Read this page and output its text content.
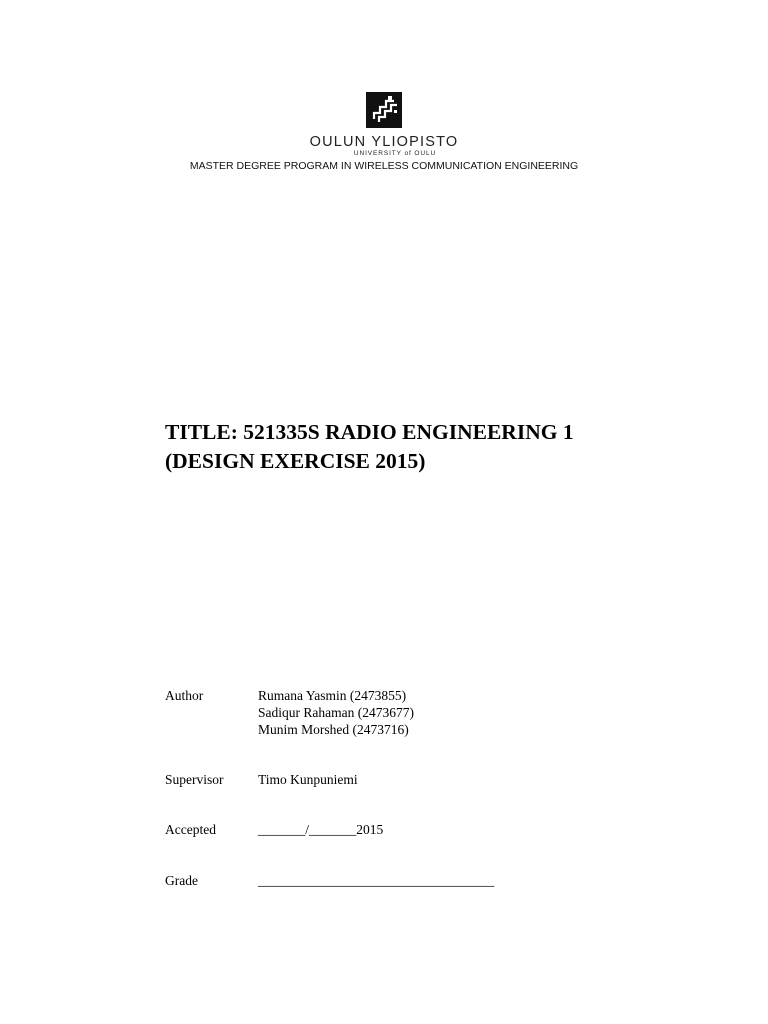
OULUN YLIOPISTO
UNIVERSITY of OULU
MASTER DEGREE PROGRAM IN WIRELESS COMMUNICATION ENGINEERING
TITLE: 521335S RADIO ENGINEERING 1
(DESIGN EXERCISE 2015)
Author	Rumana Yasmin (2473855)
Sadiqur Rahaman (2473677)
Munim Morshed (2473716)
Supervisor	Timo Kunpuniemi
Accepted	_______/_______2015
Grade	___________________________________
